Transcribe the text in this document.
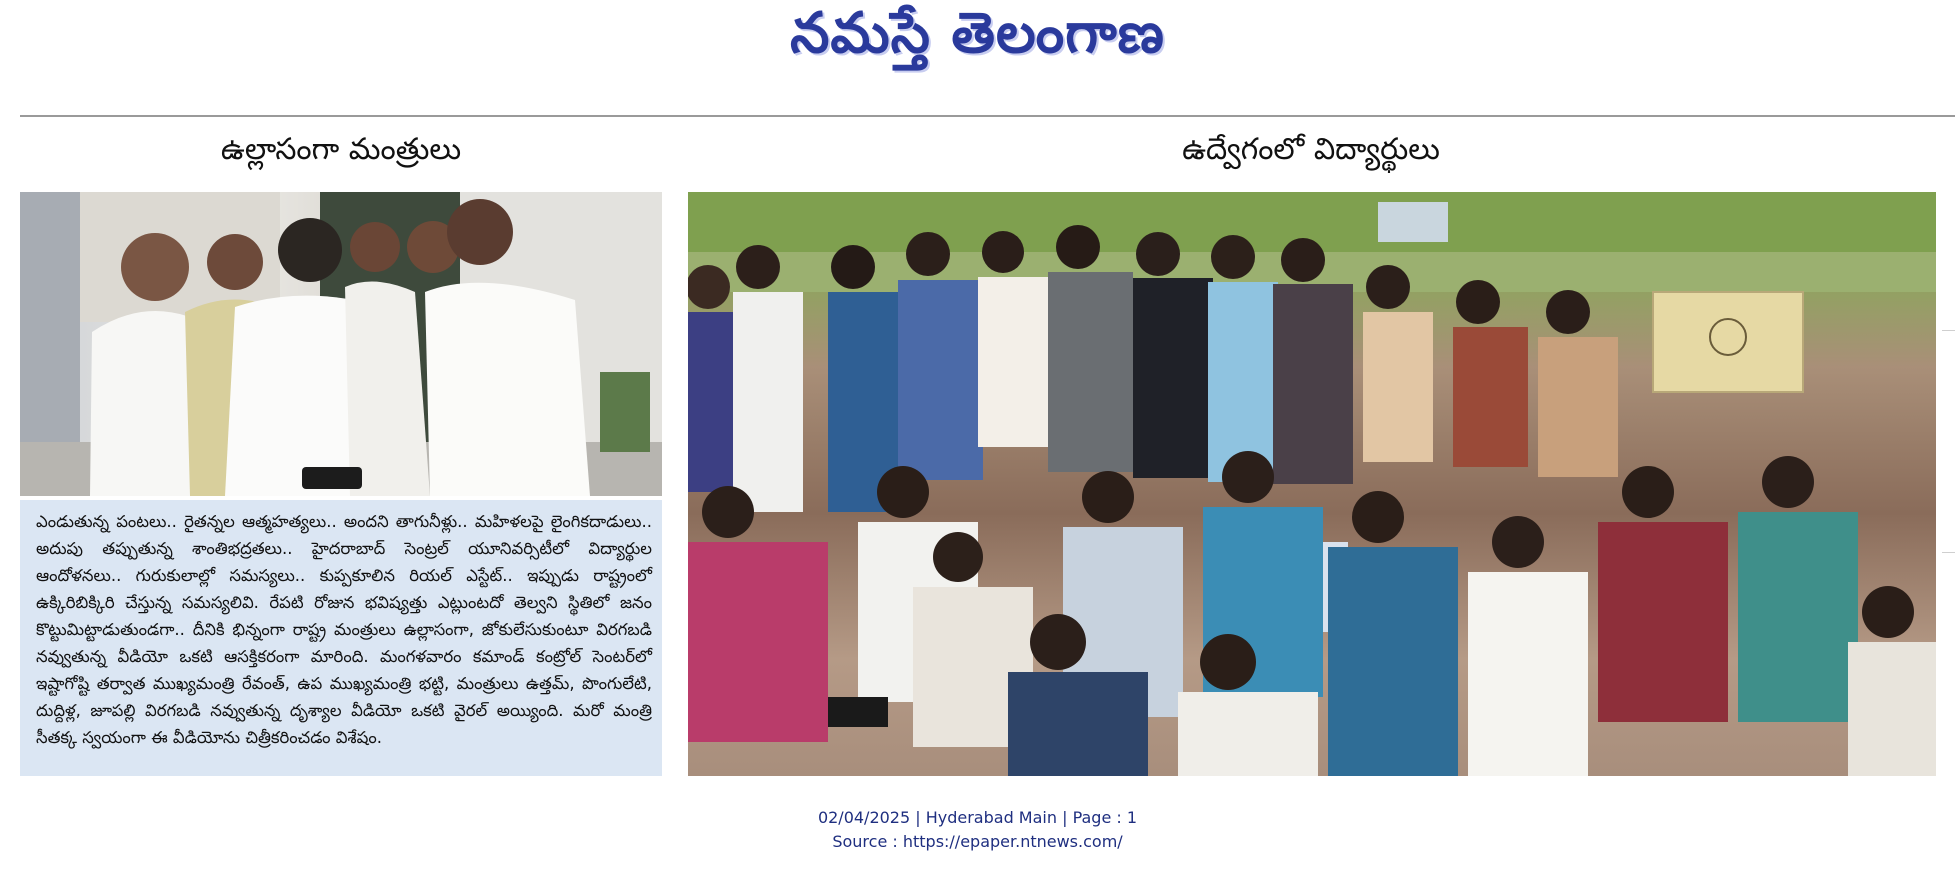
నమస్తే తెలంగాణ
ఉల్లాసంగా మంత్రులు	ఉద్వేగంలో విద్యార్థులు

ఎండుతున్న పంటలు.. రైతన్నల ఆత్మహత్యలు.. అందని తాగునీళ్లు.. మహిళలపై లైంగికదాడులు.. అదుపు తప్పుతున్న శాంతిభద్రతలు.. హైదరాబాద్ సెంట్రల్ యూనివర్సిటీలో విద్యార్థుల ఆందోళనలు.. గురుకులాల్లో సమస్యలు.. కుప్పకూలిన రియల్ ఎస్టేట్.. ఇప్పుడు రాష్ట్రంలో ఉక్కిరిబిక్కిరి చేస్తున్న సమస్యలివి. రేపటి రోజున భవిష్యత్తు ఎట్లుంటదో తెల్వని స్థితిలో జనం కొట్టుమిట్టాడుతుండగా.. దీనికి భిన్నంగా రాష్ట్ర మంత్రులు ఉల్లాసంగా, జోకులేసుకుంటూ విరగబడి నవ్వుతున్న వీడియో ఒకటి ఆసక్తికరంగా మారింది. మంగళవారం కమాండ్ కంట్రోల్ సెంటర్‌లో ఇష్టాగోష్టి తర్వాత ముఖ్యమంత్రి రేవంత్, ఉప ముఖ్యమంత్రి భట్టి, మంత్రులు ఉత్తమ్, పొంగులేటి, దుద్దిళ్ల, జూపల్లి విరగబడి నవ్వుతున్న దృశ్యాల వీడియో ఒకటి వైరల్ అయ్యింది. మరో మంత్రి సీతక్క స్వయంగా ఈ వీడియోను చిత్రీకరించడం విశేషం.

02/04/2025 | Hyderabad Main | Page : 1
Source : https://epaper.ntnews.com/
